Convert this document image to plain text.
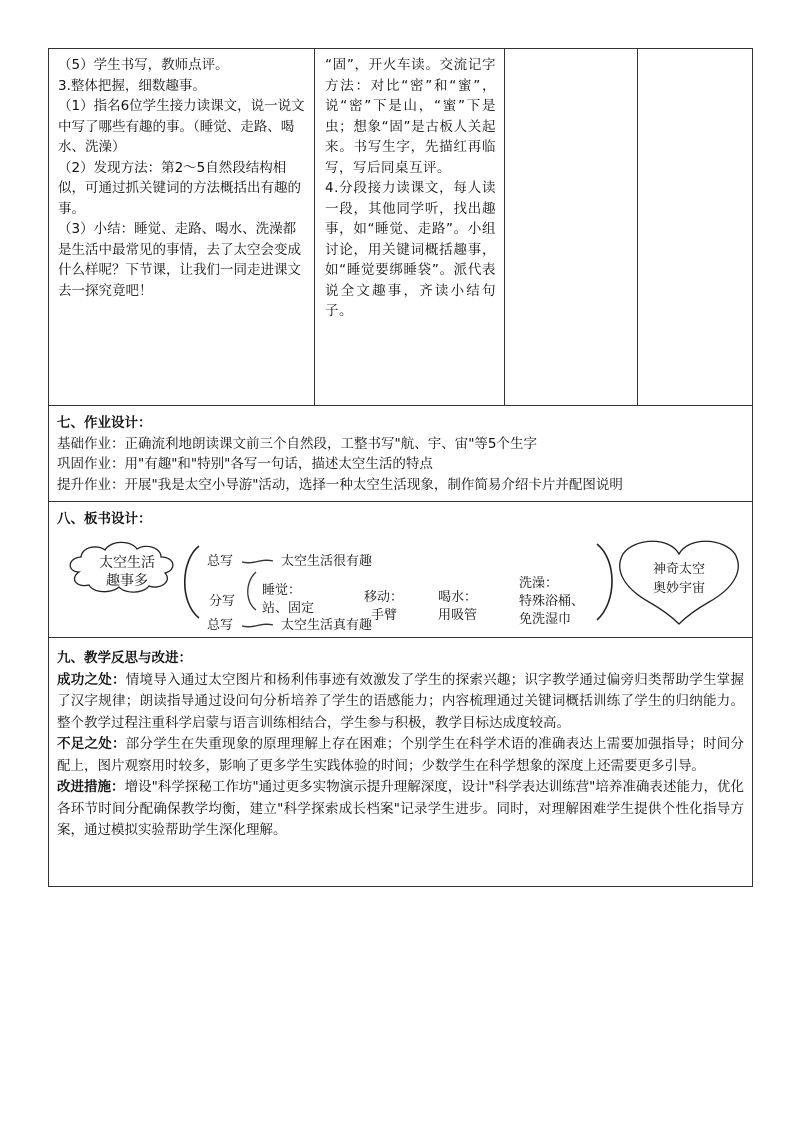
（5）学生书写，教师点评。

3.整体把握，细数趣事。

（1）指名6位学生接力读课文，说一说文中写了哪些有趣的事。（睡觉、走路、喝水、洗澡）

（2）发现方法：第2～5自然段结构相似，可通过抓关键词的方法概括出有趣的事。

（3）小结：睡觉、走路、喝水、洗澡都是生活中最常见的事情，去了太空会变成什么样呢？下节课，让我们一同走进课文去一探究竟吧！

“固”，开火车读。交流记字方法：对比“密”和“蜜”，说“密”下是山，“蜜”下是虫；想象“固”是古板人关起来。书写生字，先描红再临写，写后同桌互评。

4.分段接力读课文，每人读一段，其他同学听，找出趣事，如“睡觉、走路”。小组讨论，用关键词概括趣事，如“睡觉要绑睡袋”。派代表说全文趣事，齐读小结句子。

七、作业设计：

基础作业：正确流利地朗读课文前三个自然段，工整书写"航、宇、宙"等5个生字

巩固作业：用"有趣"和"特别"各写一句话，描述太空生活的特点

提升作业：开展"我是太空小导游"活动，选择一种太空生活现象，制作简易介绍卡片并配图说明

八、板书设计：

太空生活
趣事多
总写	太空生活很有趣
分写
睡觉：
站、固定
移动：
手臂
喝水：
用吸管
洗澡：
特殊浴桶、
免洗湿巾
总写	太空生活真有趣
神奇太空
奥妙宇宙

九、教学反思与改进：

成功之处：情境导入通过太空图片和杨利伟事迹有效激发了学生的探索兴趣；识字教学通过偏旁归类帮助学生掌握了汉字规律；朗读指导通过设问句分析培养了学生的语感能力；内容梳理通过关键词概括训练了学生的归纳能力。整个教学过程注重科学启蒙与语言训练相结合，学生参与积极，教学目标达成度较高。

不足之处：部分学生在失重现象的原理理解上存在困难；个别学生在科学术语的准确表达上需要加强指导；时间分配上，图片观察用时较多，影响了更多学生实践体验的时间；少数学生在科学想象的深度上还需要更多引导。

改进措施：增设"科学探秘工作坊"通过更多实物演示提升理解深度，设计"科学表达训练营"培养准确表述能力，优化各环节时间分配确保教学均衡，建立"科学探索成长档案"记录学生进步。同时，对理解困难学生提供个性化指导方案，通过模拟实验帮助学生深化理解。
